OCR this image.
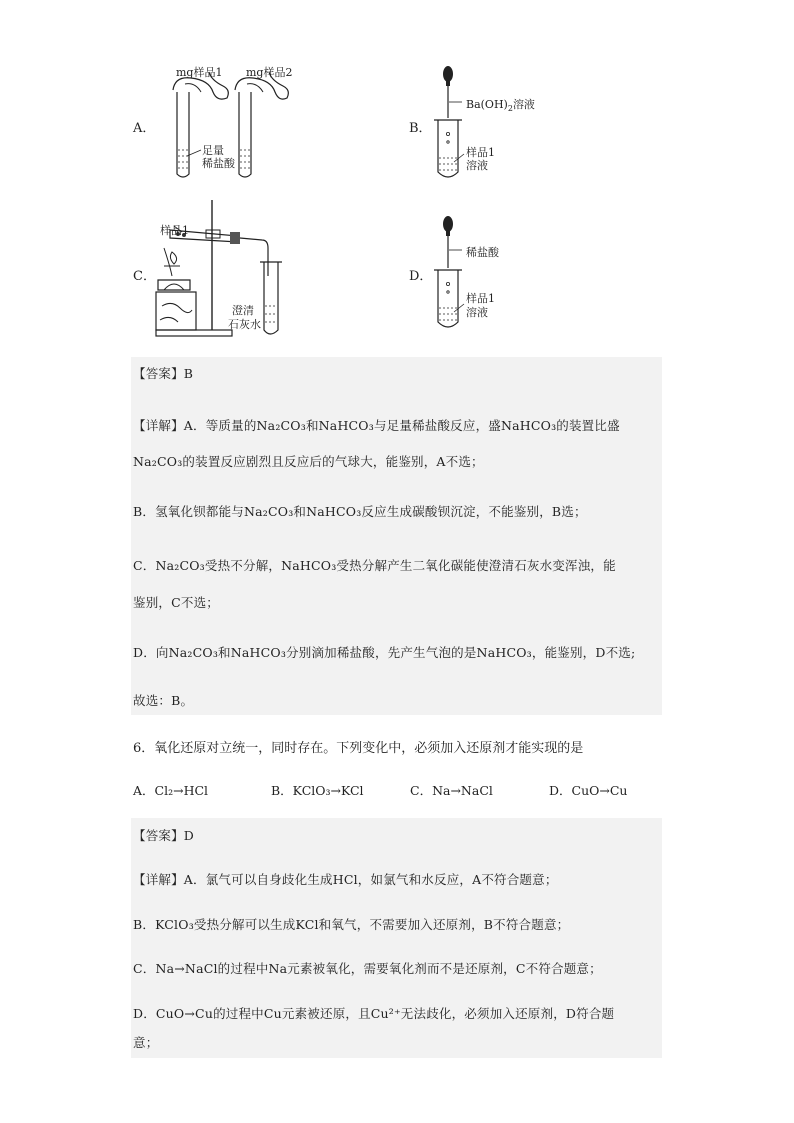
A．
mg样品1 mg样品2
足量
稀盐酸
B．
$Ba(OH)_2$溶液
样品1
溶液
C．
样品1
澄清
石灰水
D．
稀盐酸
样品1
溶液
【答案】B
【详解】A．等质量的Na₂CO₃和NaHCO₃与足量稀盐酸反应，盛NaHCO₃的装置比盛
Na₂CO₃的装置反应剧烈且反应后的气球大，能鉴别，A不选；
B．氢氧化钡都能与Na₂CO₃和NaHCO₃反应生成碳酸钡沉淀，不能鉴别，B选；
C．Na₂CO₃受热不分解，NaHCO₃受热分解产生二氧化碳能使澄清石灰水变浑浊，能
鉴别，C不选；
D．向Na₂CO₃和NaHCO₃分别滴加稀盐酸，先产生气泡的是NaHCO₃，能鉴别，D不选;
故选：B。
6．氧化还原对立统一，同时存在。下列变化中，必须加入还原剂才能实现的是
A．Cl₂→HCl	B．KClO₃→KCl	C．Na→NaCl	D．CuO→Cu
【答案】D
【详解】A．氯气可以自身歧化生成HCl，如氯气和水反应，A不符合题意；
B．KClO₃受热分解可以生成KCl和氧气，不需要加入还原剂，B不符合题意；
C．Na→NaCl的过程中Na元素被氧化，需要氧化剂而不是还原剂，C不符合题意；
D．CuO→Cu的过程中Cu元素被还原，且Cu²⁺无法歧化，必须加入还原剂，D符合题
意；
